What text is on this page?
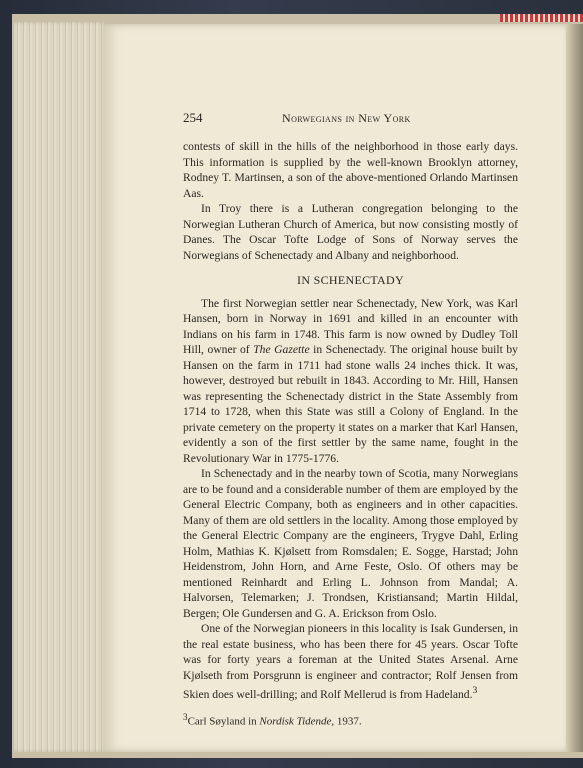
254	Norwegians in New York

contests of skill in the hills of the neighborhood in those early days. This information is supplied by the well-known Brooklyn attorney, Rodney T. Martinsen, a son of the above-mentioned Orlando Martinsen Aas.

In Troy there is a Lutheran congregation belonging to the Norwegian Lutheran Church of America, but now consisting mostly of Danes. The Oscar Tofte Lodge of Sons of Norway serves the Norwegians of Schenectady and Albany and neighborhood.

IN SCHENECTADY

The first Norwegian settler near Schenectady, New York, was Karl Hansen, born in Norway in 1691 and killed in an encounter with Indians on his farm in 1748. This farm is now owned by Dudley Toll Hill, owner of The Gazette in Schenectady. The original house built by Hansen on the farm in 1711 had stone walls 24 inches thick. It was, however, destroyed but rebuilt in 1843. According to Mr. Hill, Hansen was representing the Schenectady district in the State Assembly from 1714 to 1728, when this State was still a Colony of England. In the private cemetery on the property it states on a marker that Karl Hansen, evidently a son of the first settler by the same name, fought in the Revolutionary War in 1775-1776.

In Schenectady and in the nearby town of Scotia, many Norwegians are to be found and a considerable number of them are employed by the General Electric Company, both as engineers and in other capacities. Many of them are old settlers in the locality. Among those employed by the General Electric Company are the engineers, Trygve Dahl, Erling Holm, Mathias K. Kjølsett from Romsdalen; E. Sogge, Harstad; John Heidenstrom, John Horn, and Arne Feste, Oslo. Of others may be mentioned Reinhardt and Erling L. Johnson from Mandal; A. Halvorsen, Telemarken; J. Trondsen, Kristiansand; Martin Hildal, Bergen; Ole Gundersen and G. A. Erickson from Oslo.

One of the Norwegian pioneers in this locality is Isak Gundersen, in the real estate business, who has been there for 45 years. Oscar Tofte was for forty years a foreman at the United States Arsenal. Arne Kjølseth from Porsgrunn is engineer and contractor; Rolf Jensen from Skien does well-drilling; and Rolf Mellerud is from Hadeland.$^3$

$^3$Carl Søyland in Nordisk Tidende, 1937.
